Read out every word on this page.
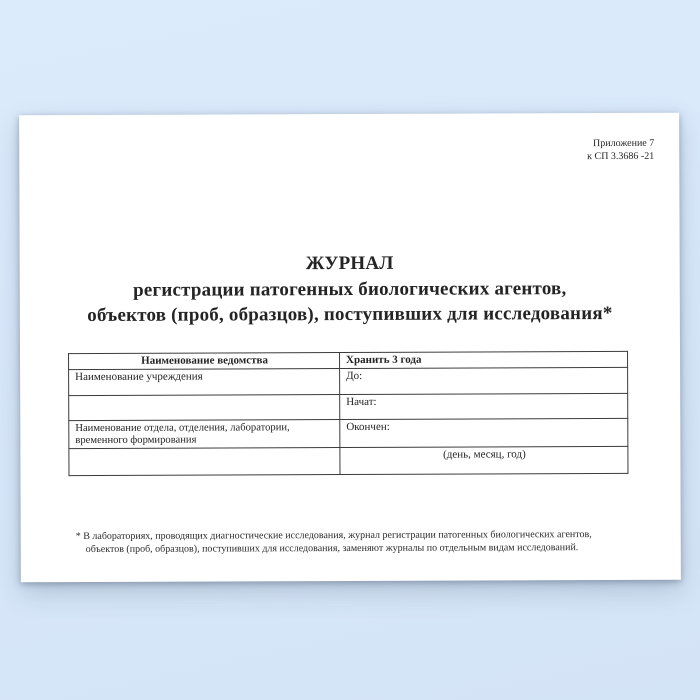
Приложение 7
к СП 3.3686 -21
ЖУРНАЛ
регистрации патогенных биологических агентов,
объектов (проб, образцов), поступивших для исследования*
Наименование ведомства	Хранить 3 года
Наименование учреждения	До:
	Начат:
Наименование отдела, отделения, лаборатории, временного формирования	Окончен:
	(день, месяц, год)
* В лабораториях, проводящих диагностические исследования, журнал регистрации патогенных биологических агентов,
объектов (проб, образцов), поступивших для исследования, заменяют журналы по отдельным видам исследований.
